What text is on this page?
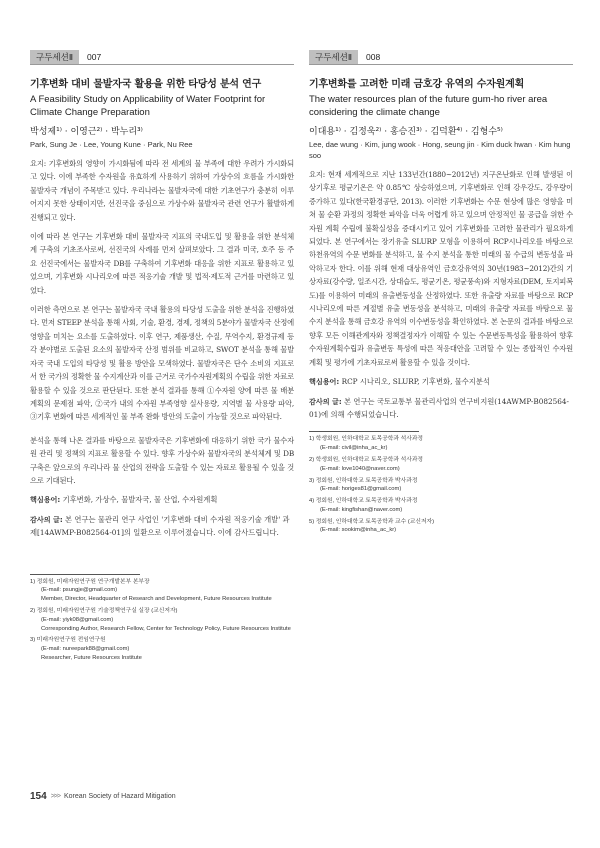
구두세션Ⅱ	007
기후변화 대비 물발자국 활용을 위한 타당성 분석 연구
A Feasibility Study on Applicability of Water Footprint for Climate Change Preparation
박성제¹⁾ · 이영근²⁾ · 박누리³⁾
Park, Sung Je · Lee, Young Kune · Park, Nu Ree
요지: 기후변화의 영향이 가시화됨에 따라 전 세계의 물 부족에 대한 우려가 가시화되고 있다. 이에 부족한 수자원을 유효하게 사용하기 위하여 가상수의 흐름을 가시화한 물발자국 개념이 주목받고 있다. 우리나라는 물발자국에 대한 기초연구가 충분히 이루어지지 못한 상태이지만, 선진국을 중심으로 가상수와 물발자국 관련 연구가 활발하게 진행되고 있다.
이에 따라 본 연구는 기후변화 대비 물발자국 지표의 국내도입 및 활용을 위한 분석체계 구축의 기초조사로써, 선진국의 사례를 먼저 살펴보았다. 그 결과 미국, 호주 등 주요 선진국에서는 물발자국 DB를 구축하여 기후변화 대응을 위한 지표로 활용하고 있었으며, 기후변화 시나리오에 따른 적응기술 개발 및 법적·제도적 근거를 마련하고 있었다.
이러한 측면으로 본 연구는 물발자국 국내 활용의 타당성 도출을 위한 분석을 진행하였다. 먼저 STEEP 분석을 통해 사회, 기술, 환경, 경제, 정책의 5분야가 물발자국 산정에 영향을 미치는 요소를 도출하였다. 이후 연구, 제품생산, 수질, 무역수지, 환경규제 등 각 분야별로 도출된 요소의 물발자국 산정 범위를 비교하고, SWOT 분석을 통해 물발자국 국내 도입의 타당성 및 활용 방안을 모색하였다. 물발자국은 단수 소비의 지표로서 한 국가의 정확한 물 수지계산과 이를 근거로 국가수자원계획의 수립을 위한 자료로 활용할 수 있을 것으로 판단된다. 또한 분석 결과를 통해 ①수자원 양에 따른 물 배분 계획의 문제점 파악, ②국가 내의 수자원 부족영향 실사용량, 지역별 물 사용량 파악, ③기후 변화에 따른 세계적인 물 부족 완화 방안의 도출이 가능할 것으로 파악된다.
분석을 통해 나온 결과를 바탕으로 물발자국은 기후변화에 대응하기 위한 국가 물수자원 관리 및 정책의 지표로 활용할 수 있다. 향후 가상수와 물발자국의 분석체계 및 DB 구축은 앞으로의 우리나라 물 산업의 전략을 도출할 수 있는 자료로 활용될 수 있을 것으로 기대된다.
핵심용어: 기후변화, 가상수, 물발자국, 물 산업, 수자원계획
감사의 글: 본 연구는 물관리 연구 사업인 '기후변화 대비 수자원 적응기술 개발' 과제[14AWMP-B082564-01]의 일환으로 이루어졌습니다. 이에 감사드립니다.
1) 정회원, 미래자원연구원 연구개발본부 본부장
(E-mail: psungje@gmail.com)
Member, Director, Headquarter of Research and Development, Future Resources Institute
2) 정회원, 미래자원연구원 기술정책연구실 실장 (교신저자)
(E-mail: yiyk08@gmail.com)
Corresponding Author, Research Fellow, Center for Technology Policy, Future Resources Institute
3) 미래자원연구원 전임연구원
(E-mail: nureepark88@gmail.com)
Researcher, Future Resources Institute
구두세션Ⅱ	008
기후변화를 고려한 미래 금호강 유역의 수자원계획
The water resources plan of the future gum-ho river area considering the climate change
이대용¹⁾ · 김정욱²⁾ · 홍승진³⁾ · 김덕환⁴⁾ · 김형수⁵⁾
Lee, dae wung · Kim, jung wook · Hong, seung jin · Kim duck hwan · Kim hung soo
요지: 현재 세계적으로 지난 133년간(1880~2012년) 지구온난화로 인해 발생된 이상기후로 평균기온은 약 0.85℃ 상승하였으며, 기후변화로 인해 강우강도, 강우량이 증가하고 있다(한국환경공단, 2013). 이러한 기후변화는 수문 현상에 많은 영향을 미쳐 물 순환 과정의 정확한 파악을 더욱 어렵게 하고 있으며 안정적인 물 공급을 위한 수자원 계획 수립에 불확실성을 증대시키고 있어 기후변화를 고려한 물관리가 필요하게 되었다. 본 연구에서는 장기유출 SLURP 모형을 이용하여 RCP시나리오를 바탕으로 하천유역의 수문 변화를 분석하고, 물 수지 분석을 통한 미래의 물 수급의 변동성을 파악하고자 한다. 이를 위해 현재 대상유역인 금호강유역의 30년(1983~2012)간의 기상자료(강수량, 일조시간, 상대습도, 평균기온, 평균풍속)와 지형자료(DEM, 토지피복도)를 이용하여 미래의 유출변동성을 산정하였다. 또한 유출량 자료를 바탕으로 RCP시나리오에 따른 계절별 유출 변동성을 분석하고, 미래의 유출량 자료를 바탕으로 물 수지 분석을 통해 금호강 유역의 이수변동성을 확인하였다. 본 논문의 결과를 바탕으로 향후 모든 이해관계자와 정책결정자가 이해할 수 있는 수문변동특성을 활용하여 향후 수자원계획수립과 유출변동 특성에 따른 적응대안을 고려할 수 있는 종합적인 수자원계획 및 평가에 기초자료로써 활용할 수 있을 것이다.
핵심용어: RCP 시나리오, SLURP, 기후변화, 물수지분석
감사의 글: 본 연구는 국토교통부 물관리사업의 연구비지원(14AWMP-B082564-01)에 의해 수행되었습니다.
1) 학생회원, 인하대학교 토목공학과 석사과정
(E-mail: civil@inha_ac_kr)
2) 학생회원, 인하대학교 토목공학과 석사과정
(E-mail: love1040@naver.com)
3) 정회원, 인하대학교 토목공학과 박사과정
(E-mail: horiges81@gmail.com)
4) 정회원, 인하대학교 토목공학과 박사과정
(E-mail: kingfishan@naver.com)
5) 정회원, 인하대학교 토목공학과 교수 (교신저자)
(E-mail: sookim@inha_ac_kr)
154 >>> Korean Society of Hazard Mitigation
